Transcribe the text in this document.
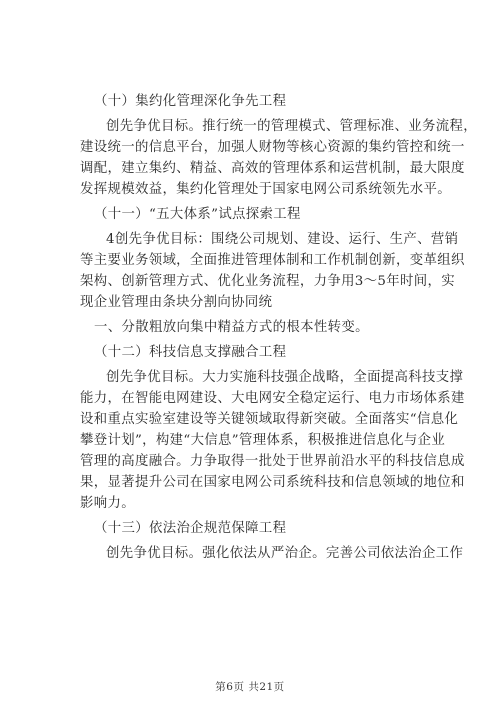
（十）集约化管理深化争先工程
创先争优目标。推行统一的管理模式、管理标准、业务流程，
建设统一的信息平台，加强人财物等核心资源的集约管控和统一
调配，建立集约、精益、高效的管理体系和运营机制，最大限度
发挥规模效益，集约化管理处于国家电网公司系统领先水平。
（十一）“五大体系”试点探索工程
4创先争优目标：围绕公司规划、建设、运行、生产、营销
等主要业务领域，全面推进管理体制和工作机制创新，变革组织
架构、创新管理方式、优化业务流程，力争用3～5年时间，实
现企业管理由条块分割向协同统
一、分散粗放向集中精益方式的根本性转变。
（十二）科技信息支撑融合工程
创先争优目标。大力实施科技强企战略，全面提高科技支撑
能力，在智能电网建设、大电网安全稳定运行、电力市场体系建
设和重点实验室建设等关键领域取得新突破。全面落实“信息化
攀登计划”，构建“大信息”管理体系，积极推进信息化与企业
管理的高度融合。力争取得一批处于世界前沿水平的科技信息成
果，显著提升公司在国家电网公司系统科技和信息领域的地位和
影响力。
（十三）依法治企规范保障工程
创先争优目标。强化依法从严治企。完善公司依法治企工作
第6页 共21页
